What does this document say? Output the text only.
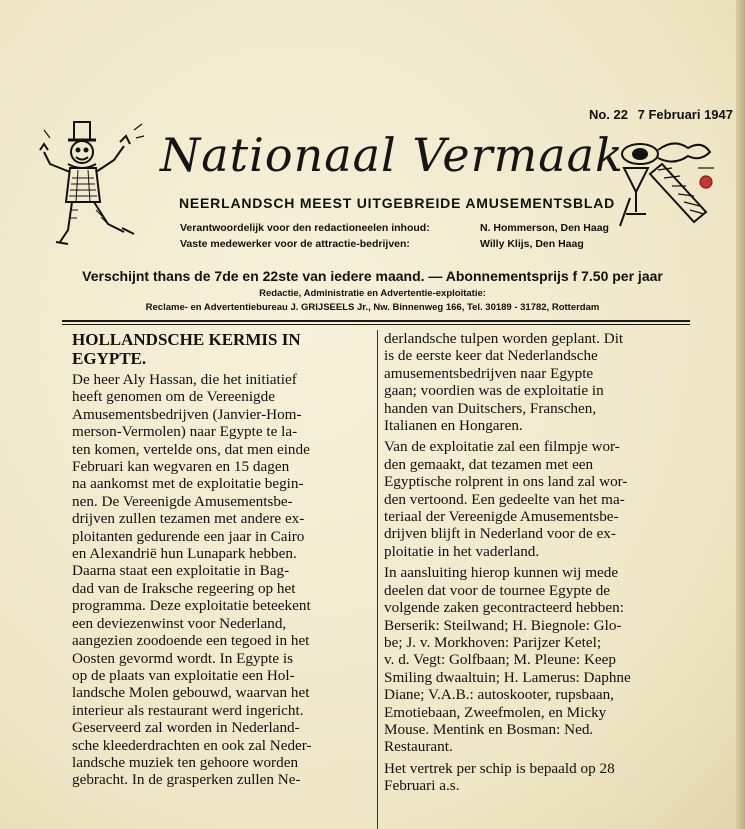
No. 22 7 Februari 1947
Nationaal Vermaak
NEERLANDSCH MEEST UITGEBREIDE AMUSEMENTSBLAD
Verantwoordelijk voor den redactioneelen inhoud:	N. Hommerson, Den Haag
Vaste medewerker voor de attractie-bedrijven:	Willy Klijs, Den Haag
Verschijnt thans de 7de en 22ste van iedere maand. — Abonnementsprijs f 7.50 per jaar
Redactie, Administratie en Advertentie-exploitatie:
Reclame- en Advertentiebureau J. GRIJSEELS Jr., Nw. Binnenweg 166, Tel. 30189 - 31782, Rotterdam

HOLLANDSCHE KERMIS IN
EGYPTE.

De heer Aly Hassan, die het initiatief
heeft genomen om de Vereenigde
Amusementsbedrijven (Janvier-Hom-
merson-Vermolen) naar Egypte te la-
ten komen, vertelde ons, dat men einde
Februari kan wegvaren en 15 dagen
na aankomst met de exploitatie begin-
nen. De Vereenigde Amusementsbe-
drijven zullen tezamen met andere ex-
ploitanten gedurende een jaar in Cairo
en Alexandrië hun Lunapark hebben.
Daarna staat een exploitatie in Bag-
dad van de Iraksche regeering op het
programma. Deze exploitatie beteekent
een deviezenwinst voor Nederland,
aangezien zoodoende een tegoed in het
Oosten gevormd wordt. In Egypte is
op de plaats van exploitatie een Hol-
landsche Molen gebouwd, waarvan het
interieur als restaurant werd ingericht.
Geserveerd zal worden in Nederland-
sche kleederdrachten en ook zal Neder-
landsche muziek ten gehoore worden
gebracht. In de grasperken zullen Ne-

derlandsche tulpen worden geplant. Dit
is de eerste keer dat Nederlandsche
amusementsbedrijven naar Egypte
gaan; voordien was de exploitatie in
handen van Duitschers, Franschen,
Italianen en Hongaren.

Van de exploitatie zal een filmpje wor-
den gemaakt, dat tezamen met een
Egyptische rolprent in ons land zal wor-
den vertoond. Een gedeelte van het ma-
teriaal der Vereenigde Amusementsbe-
drijven blijft in Nederland voor de ex-
ploitatie in het vaderland.

In aansluiting hierop kunnen wij mede
deelen dat voor de tournee Egypte de
volgende zaken gecontracteerd hebben:
Berserik: Steilwand; H. Biegnole: Glo-
be; J. v. Morkhoven: Parijzer Ketel;
v. d. Vegt: Golfbaan; M. Pleune: Keep
Smiling dwaaltuin; H. Lamerus: Daphne
Diane; V.A.B.: autoskooter, rupsbaan,
Emotiebaan, Zweefmolen, en Micky
Mouse. Mentink en Bosman: Ned.
Restaurant.

Het vertrek per schip is bepaald op 28
Februari a.s.
